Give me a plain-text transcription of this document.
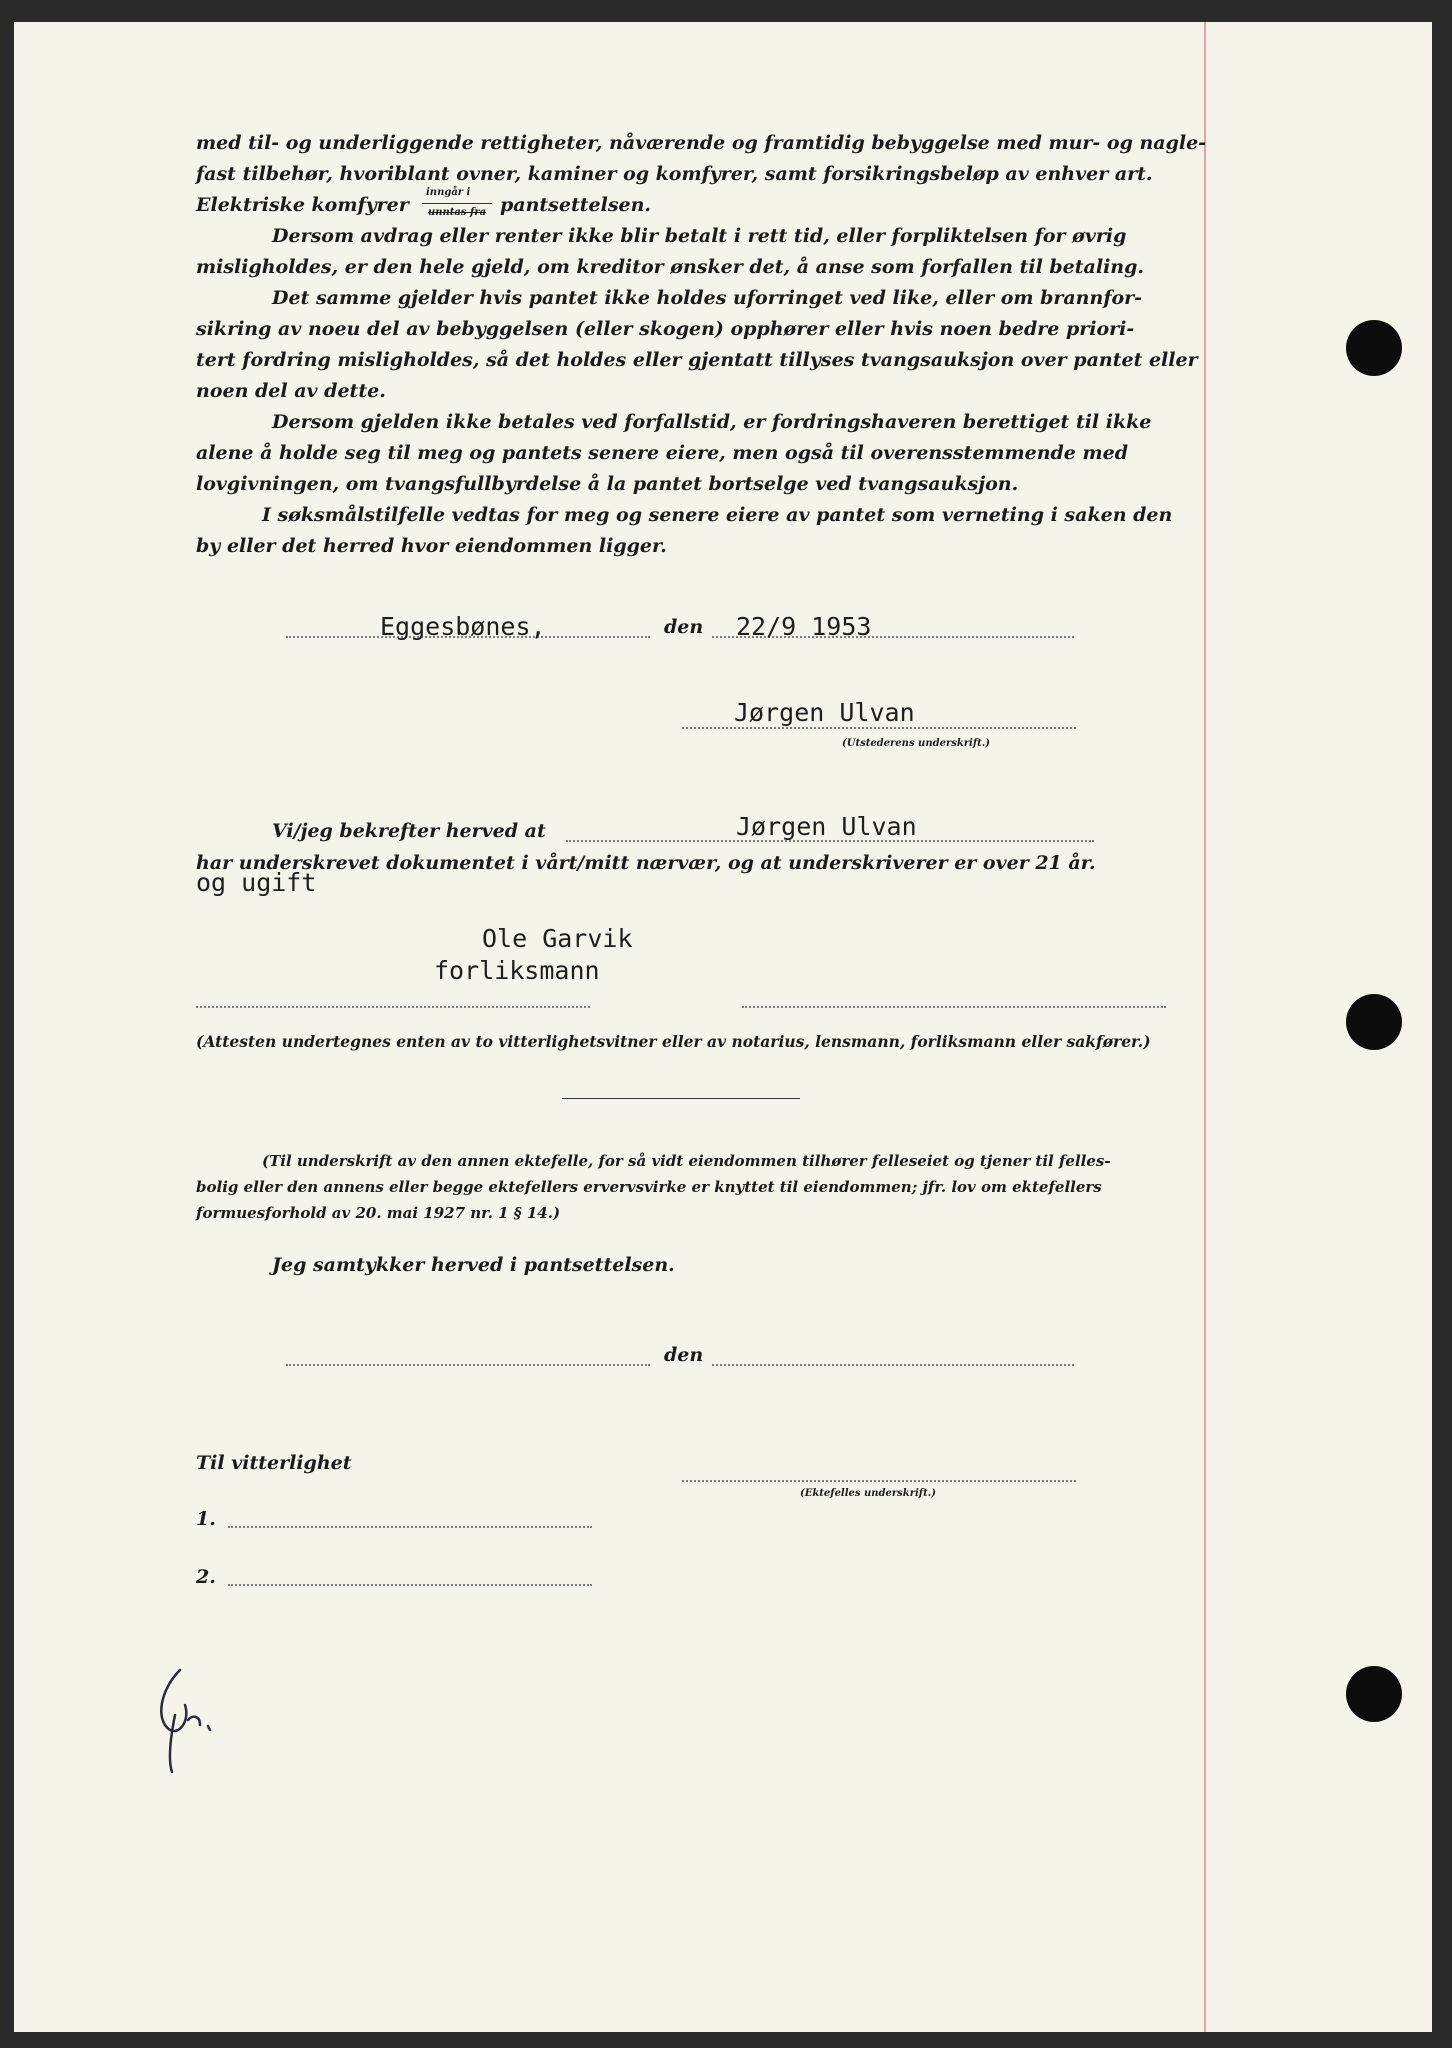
med til- og underliggende rettigheter, nåværende og framtidig bebyggelse med mur- og nagle-
fast tilbehør, hvoriblant ovner, kaminer og komfyrer, samt forsikringsbeløp av enhver art.
Elektriske komfyrer
inngår i
unntas fra pantsettelsen.
Dersom avdrag eller renter ikke blir betalt i rett tid, eller forpliktelsen for øvrig
misligholdes, er den hele gjeld, om kreditor ønsker det, å anse som forfallen til betaling.
Det samme gjelder hvis pantet ikke holdes uforringet ved like, eller om brannfor-
sikring av noeu del av bebyggelsen (eller skogen) opphører eller hvis noen bedre priori-
tert fordring misligholdes, så det holdes eller gjentatt tillyses tvangsauksjon over pantet eller
noen del av dette.
Dersom gjelden ikke betales ved forfallstid, er fordringshaveren berettiget til ikke
alene å holde seg til meg og pantets senere eiere, men også til overensstemmende med
lovgivningen, om tvangsfullbyrdelse å la pantet bortselge ved tvangsauksjon.
I søksmålstilfelle vedtas for meg og senere eiere av pantet som verneting i saken den
by eller det herred hvor eiendommen ligger.
Eggesbønes,	den 22/9 1953
Jørgen Ulvan
(Utstederens underskrift.)
Vi/jeg bekrefter herved at	Jørgen Ulvan
har underskrevet dokumentet i vårt/mitt nærvær, og at underskriverer er over 21 år.
og ugift
Ole Garvik
forliksmann
(Attesten undertegnes enten av to vitterlighetsvitner eller av notarius, lensmann, forliksmann eller sakfører.)
(Til underskrift av den annen ektefelle, for så vidt eiendommen tilhører felleseiet og tjener til felles-
bolig eller den annens eller begge ektefellers ervervsvirke er knyttet til eiendommen; jfr. lov om ektefellers
formuesforhold av 20. mai 1927 nr. 1 § 14.)
Jeg samtykker herved i pantsettelsen.
den
Til vitterlighet
(Ektefelles underskrift.)
1.
2.
